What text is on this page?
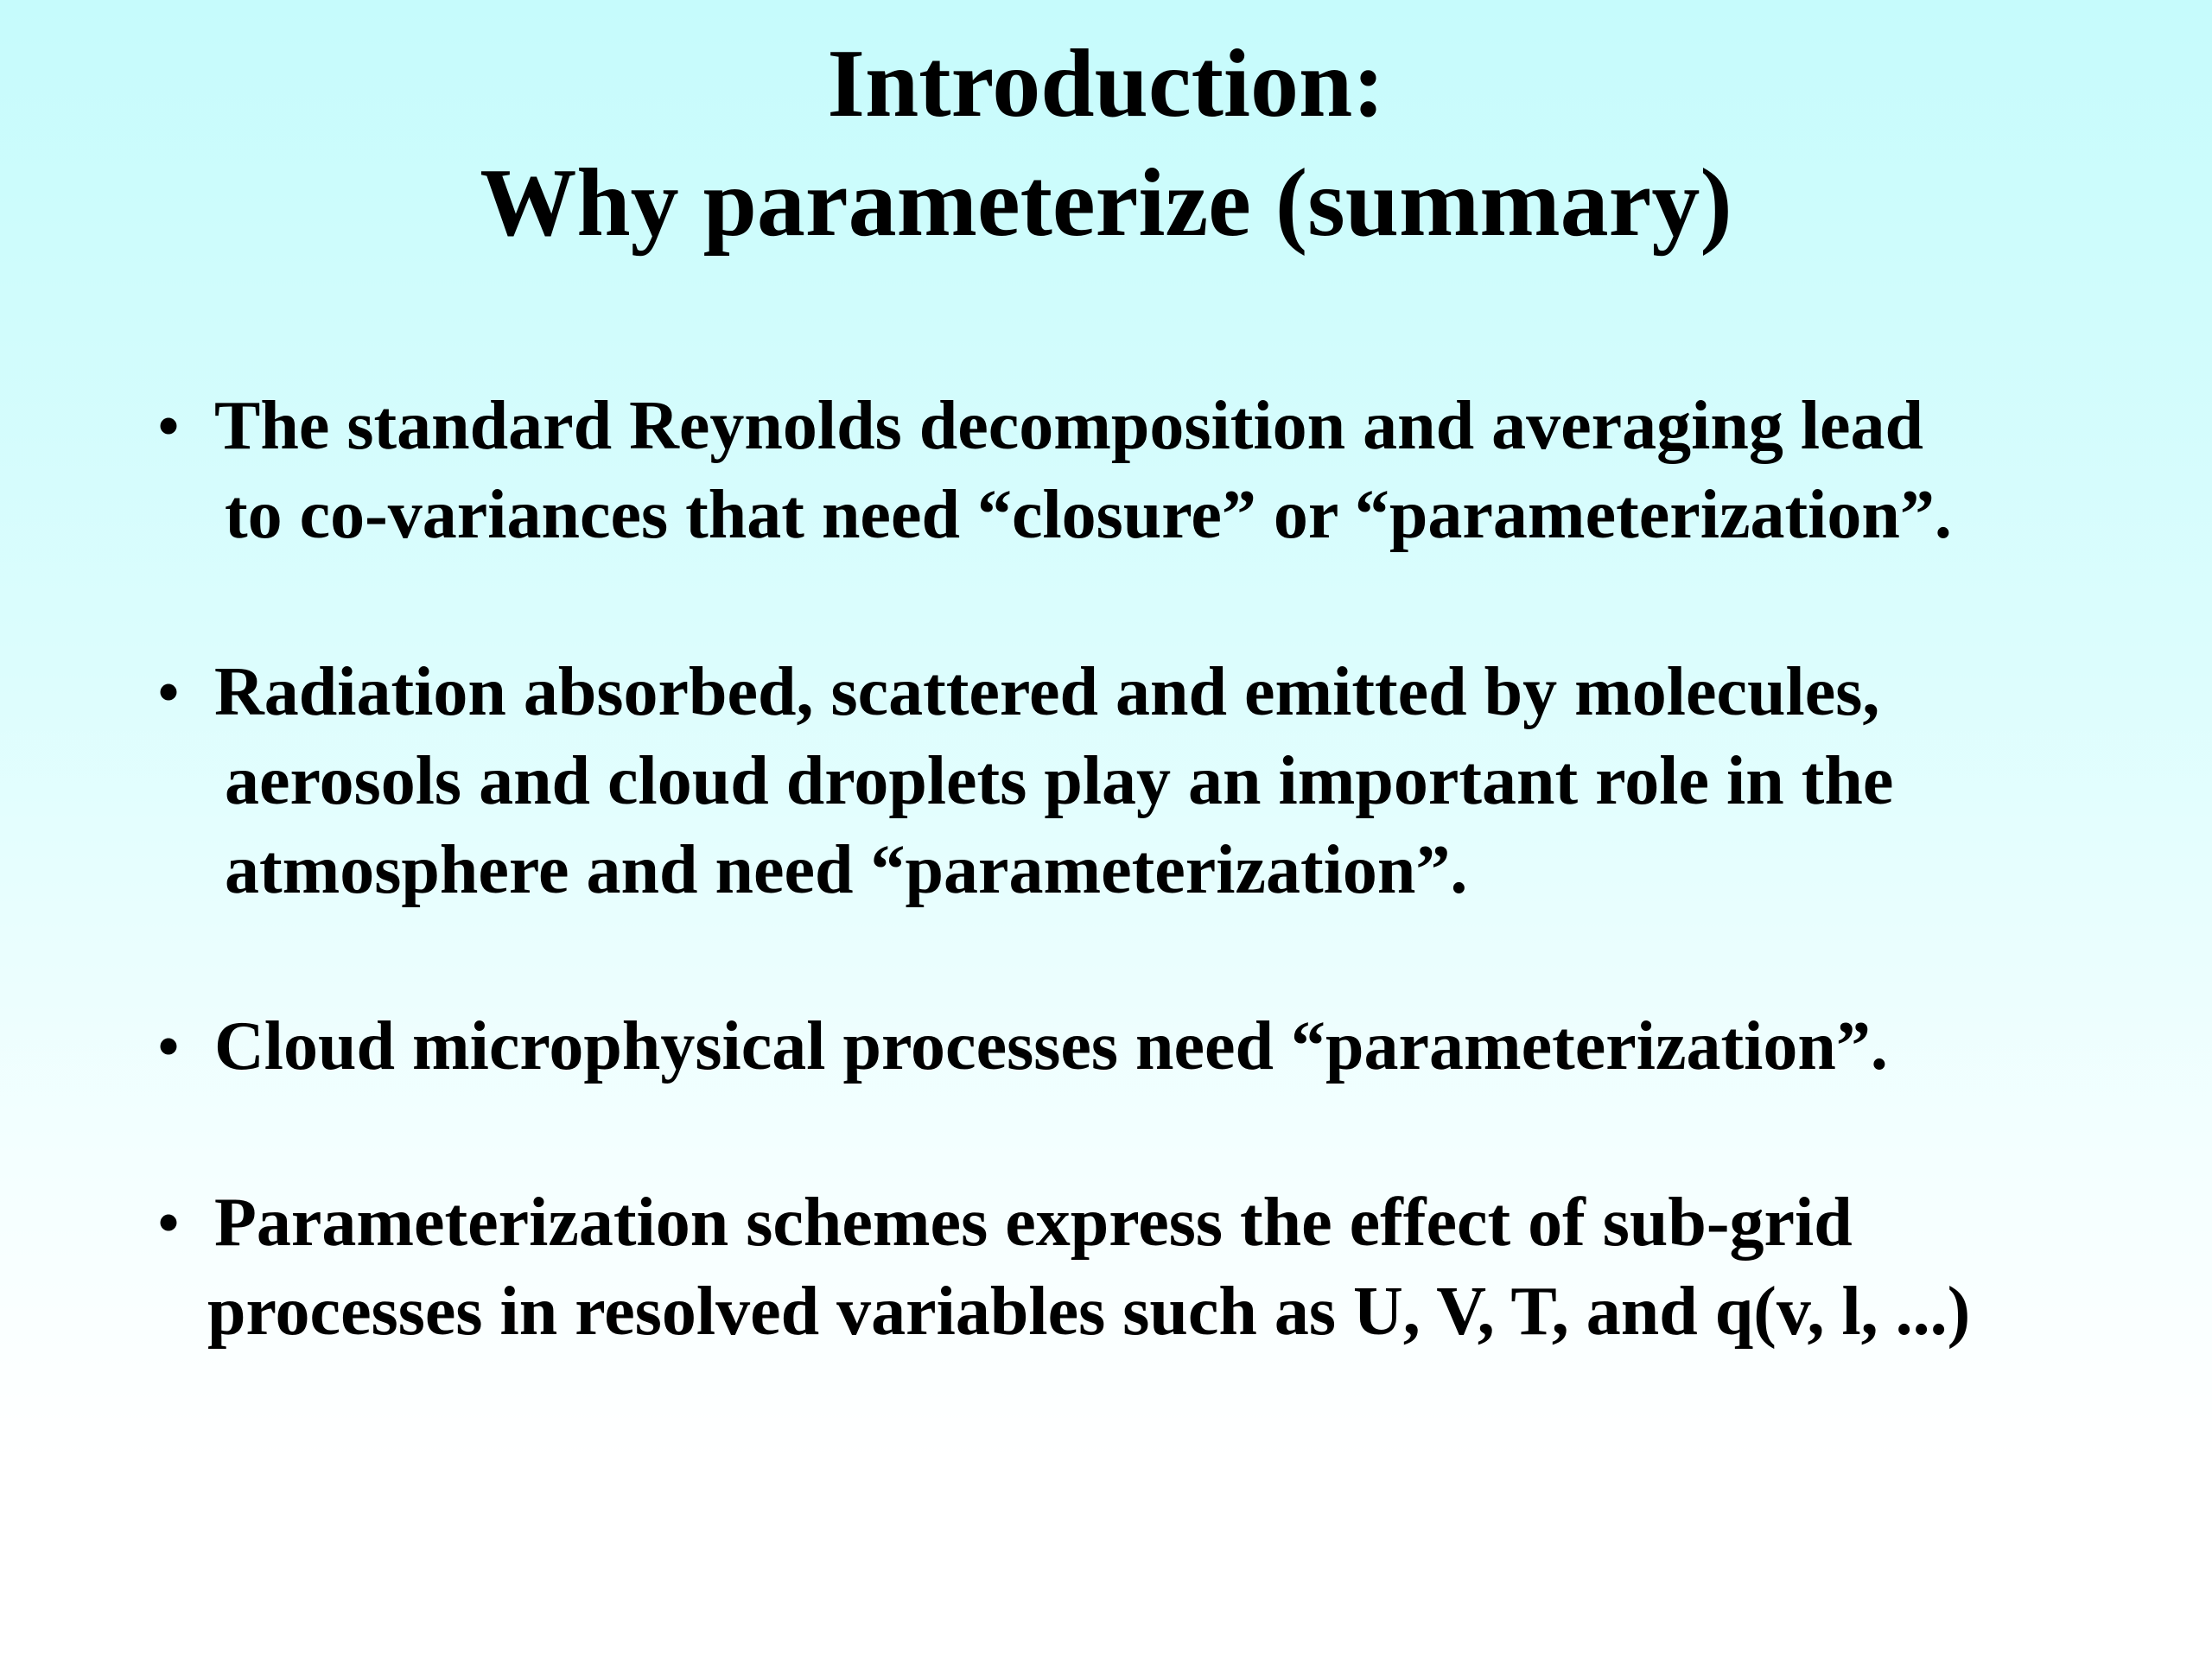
Introduction:
Why parameterize (summary)
• The standard Reynolds decomposition and averaging lead
to co-variances that need “closure” or “parameterization”.
• Radiation absorbed, scattered and emitted by molecules,
aerosols and cloud droplets play an important role in the
atmosphere and need “parameterization”.
• Cloud microphysical processes need “parameterization”.
• Parameterization schemes express the effect of sub-grid
processes in resolved variables such as U, V, T, and q(v, l, ...)
